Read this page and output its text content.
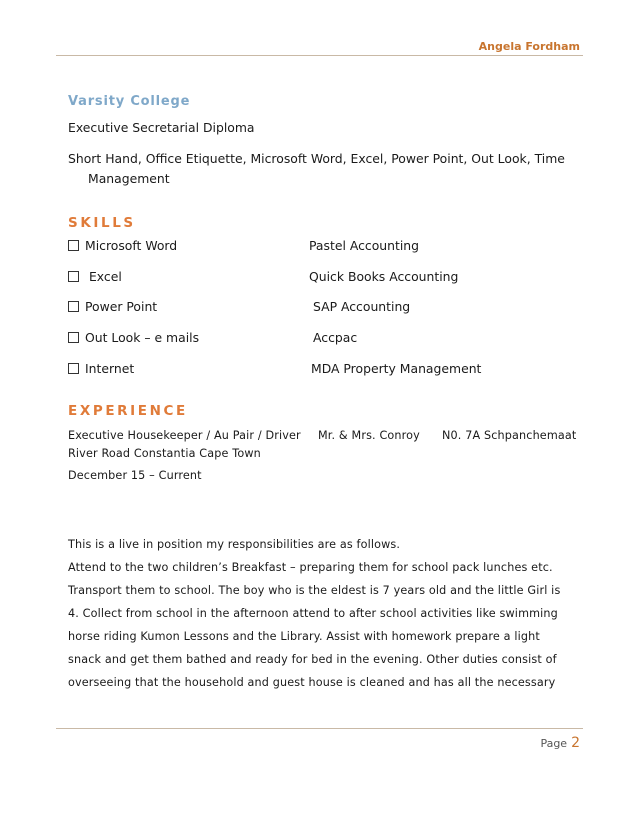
Angela Fordham
Varsity College
Executive Secretarial Diploma
Short Hand, Office Etiquette, Microsoft Word, Excel, Power Point, Out Look, Time
Management
SKILLS
Microsoft Word
Excel
Power Point
Out Look – e mails
Internet
Pastel Accounting
Quick Books Accounting
SAP Accounting
Accpac
MDA Property Management
EXPERIENCE
Executive Housekeeper / Au Pair / Driver Mr. & Mrs. Conroy N0. 7A Schpanchemaat
River Road Constantia Cape Town
December 15 – Current
This is a live in position my responsibilities are as follows.
Attend to the two children’s Breakfast – preparing them for school pack lunches etc.
Transport them to school. The boy who is the eldest is 7 years old and the little Girl is
4. Collect from school in the afternoon attend to after school activities like swimming
horse riding Kumon Lessons and the Library. Assist with homework prepare a light
snack and get them bathed and ready for bed in the evening. Other duties consist of
overseeing that the household and guest house is cleaned and has all the necessary
Page 2
